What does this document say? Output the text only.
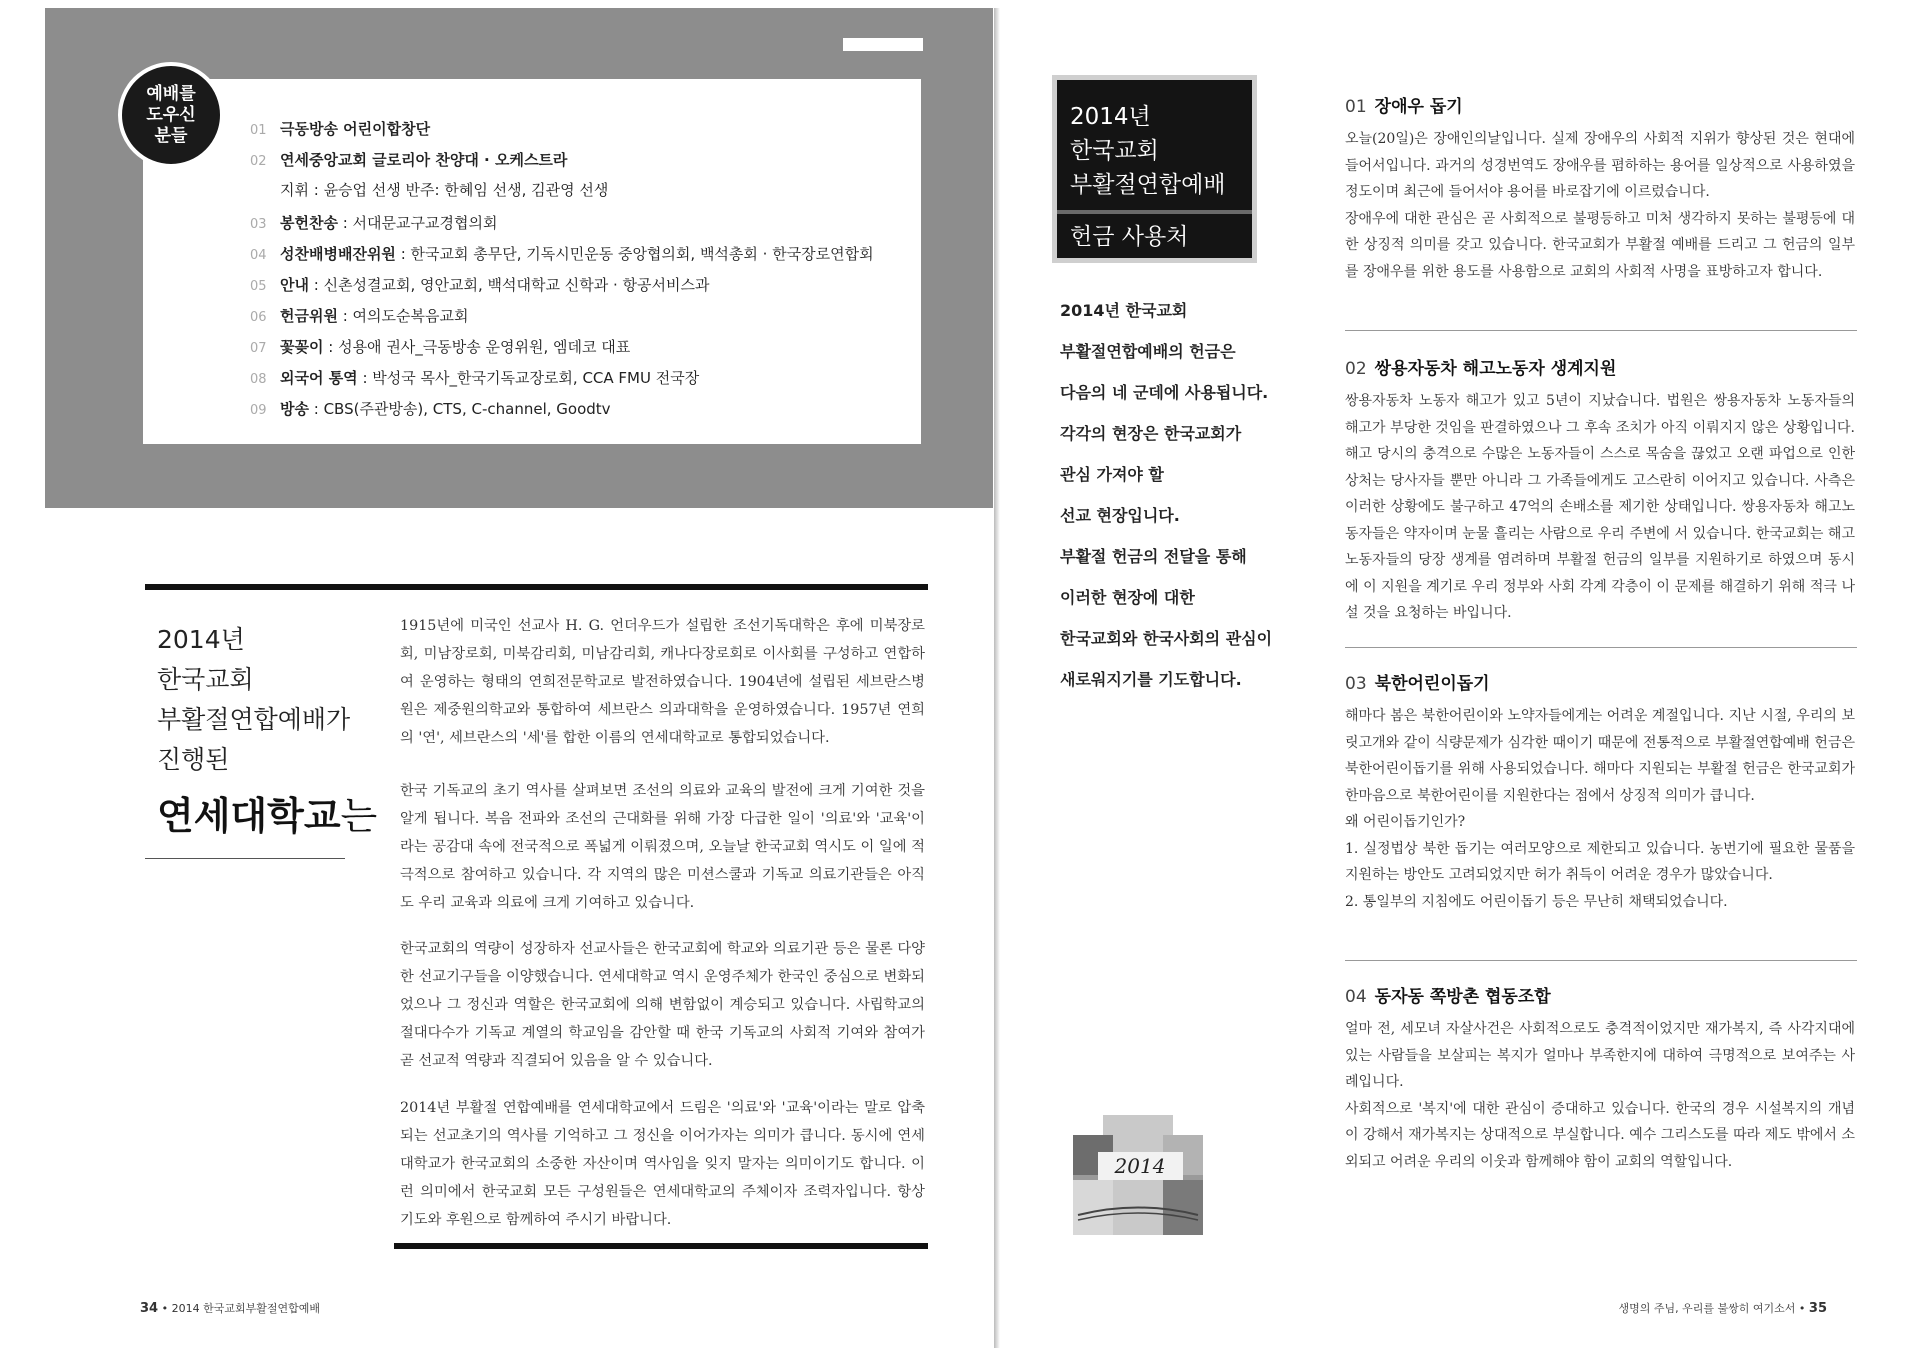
예배를
도우신
분들	01 극동방송 어린이합창단
02 연세중앙교회 글로리아 찬양대 · 오케스트라
지휘 : 윤승업 선생 반주: 한혜임 선생, 김관영 선생
03 봉헌찬송 : 서대문교구교경협의회
04 성찬배병배잔위원 : 한국교회 총무단, 기독시민운동 중앙협의회, 백석총회 · 한국장로연합회
05 안내 : 신촌성결교회, 영안교회, 백석대학교 신학과 · 항공서비스과
06 헌금위원 : 여의도순복음교회
07 꽃꽂이 : 성용애 권사_극동방송 운영위원, 엠데코 대표
08 외국어 통역 : 박성국 목사_한국기독교장로회, CCA FMU 전국장
09 방송 : CBS(주관방송), CTS, C-channel, Goodtv
2014년
한국교회
부활절연합예배가
진행된
연세대학교는
1915년에 미국인 선교사 H. G. 언더우드가 설립한 조선기독대학은 후에 미북장로회, 미남장로회, 미북감리회, 미남감리회, 캐나다장로회로 이사회를 구성하고 연합하여 운영하는 형태의 연희전문학교로 발전하였습니다. 1904년에 설립된 세브란스병원은 제중원의학교와 통합하여 세브란스 의과대학을 운영하였습니다. 1957년 연희의 '연', 세브란스의 '세'를 합한 이름의 연세대학교로 통합되었습니다.
한국 기독교의 초기 역사를 살펴보면 조선의 의료와 교육의 발전에 크게 기여한 것을 알게 됩니다. 복음 전파와 조선의 근대화를 위해 가장 다급한 일이 '의료'와 '교육'이라는 공감대 속에 전국적으로 폭넓게 이뤄졌으며, 오늘날 한국교회 역시도 이 일에 적극적으로 참여하고 있습니다. 각 지역의 많은 미션스쿨과 기독교 의료기관들은 아직도 우리 교육과 의료에 크게 기여하고 있습니다.
한국교회의 역량이 성장하자 선교사들은 한국교회에 학교와 의료기관 등은 물론 다양한 선교기구들을 이양했습니다. 연세대학교 역시 운영주체가 한국인 중심으로 변화되었으나 그 정신과 역할은 한국교회에 의해 변함없이 계승되고 있습니다. 사립학교의 절대다수가 기독교 계열의 학교임을 감안할 때 한국 기독교의 사회적 기여와 참여가 곧 선교적 역량과 직결되어 있음을 알 수 있습니다.
2014년 부활절 연합예배를 연세대학교에서 드림은 '의료'와 '교육'이라는 말로 압축되는 선교초기의 역사를 기억하고 그 정신을 이어가자는 의미가 큽니다. 동시에 연세대학교가 한국교회의 소중한 자산이며 역사임을 잊지 말자는 의미이기도 합니다. 이런 의미에서 한국교회 모든 구성원들은 연세대학교의 주체이자 조력자입니다. 항상 기도와 후원으로 함께하여 주시기 바랍니다.
34 • 2014 한국교회부활절연합예배
2014년
한국교회
부활절연합예배
헌금 사용처
2014년 한국교회
부활절연합예배의 헌금은
다음의 네 군데에 사용됩니다.
각각의 현장은 한국교회가
관심 가져야 할
선교 현장입니다.
부활절 헌금의 전달을 통해
이러한 현장에 대한
한국교회와 한국사회의 관심이
새로워지기를 기도합니다.
2014
01 장애우 돕기
오늘(20일)은 장애인의날입니다. 실제 장애우의 사회적 지위가 향상된 것은 현대에 들어서입니다. 과거의 성경번역도 장애우를 폄하하는 용어를 일상적으로 사용하였을 정도이며 최근에 들어서야 용어를 바로잡기에 이르렀습니다.
장애우에 대한 관심은 곧 사회적으로 불평등하고 미처 생각하지 못하는 불평등에 대한 상징적 의미를 갖고 있습니다. 한국교회가 부활절 예배를 드리고 그 헌금의 일부를 장애우를 위한 용도를 사용함으로 교회의 사회적 사명을 표방하고자 합니다.
02 쌍용자동차 해고노동자 생계지원
쌍용자동차 노동자 해고가 있고 5년이 지났습니다. 법원은 쌍용자동차 노동자들의 해고가 부당한 것임을 판결하였으나 그 후속 조치가 아직 이뤄지지 않은 상황입니다. 해고 당시의 충격으로 수많은 노동자들이 스스로 목숨을 끊었고 오랜 파업으로 인한 상처는 당사자들 뿐만 아니라 그 가족들에게도 고스란히 이어지고 있습니다. 사측은 이러한 상황에도 불구하고 47억의 손배소를 제기한 상태입니다. 쌍용자동차 해고노동자들은 약자이며 눈물 흘리는 사람으로 우리 주변에 서 있습니다. 한국교회는 해고노동자들의 당장 생계를 염려하며 부활절 헌금의 일부를 지원하기로 하였으며 동시에 이 지원을 계기로 우리 정부와 사회 각계 각층이 이 문제를 해결하기 위해 적극 나설 것을 요청하는 바입니다.
03 북한어린이돕기
해마다 봄은 북한어린이와 노약자들에게는 어려운 계절입니다. 지난 시절, 우리의 보릿고개와 같이 식량문제가 심각한 때이기 때문에 전통적으로 부활절연합예배 헌금은 북한어린이돕기를 위해 사용되었습니다. 해마다 지원되는 부활절 헌금은 한국교회가 한마음으로 북한어린이를 지원한다는 점에서 상징적 의미가 큽니다.
왜 어린이돕기인가?
1. 실정법상 북한 돕기는 여러모양으로 제한되고 있습니다. 농번기에 필요한 물품을 지원하는 방안도 고려되었지만 허가 취득이 어려운 경우가 많았습니다.
2. 통일부의 지침에도 어린이돕기 등은 무난히 채택되었습니다.
04 동자동 쪽방촌 협동조합
얼마 전, 세모녀 자살사건은 사회적으로도 충격적이었지만 재가복지, 즉 사각지대에 있는 사람들을 보살피는 복지가 얼마나 부족한지에 대하여 극명적으로 보여주는 사례입니다.
사회적으로 '복지'에 대한 관심이 증대하고 있습니다. 한국의 경우 시설복지의 개념이 강해서 재가복지는 상대적으로 부실합니다. 예수 그리스도를 따라 제도 밖에서 소외되고 어려운 우리의 이웃과 함께해야 함이 교회의 역할입니다.
생명의 주님, 우리를 불쌍히 여기소서 • 35
